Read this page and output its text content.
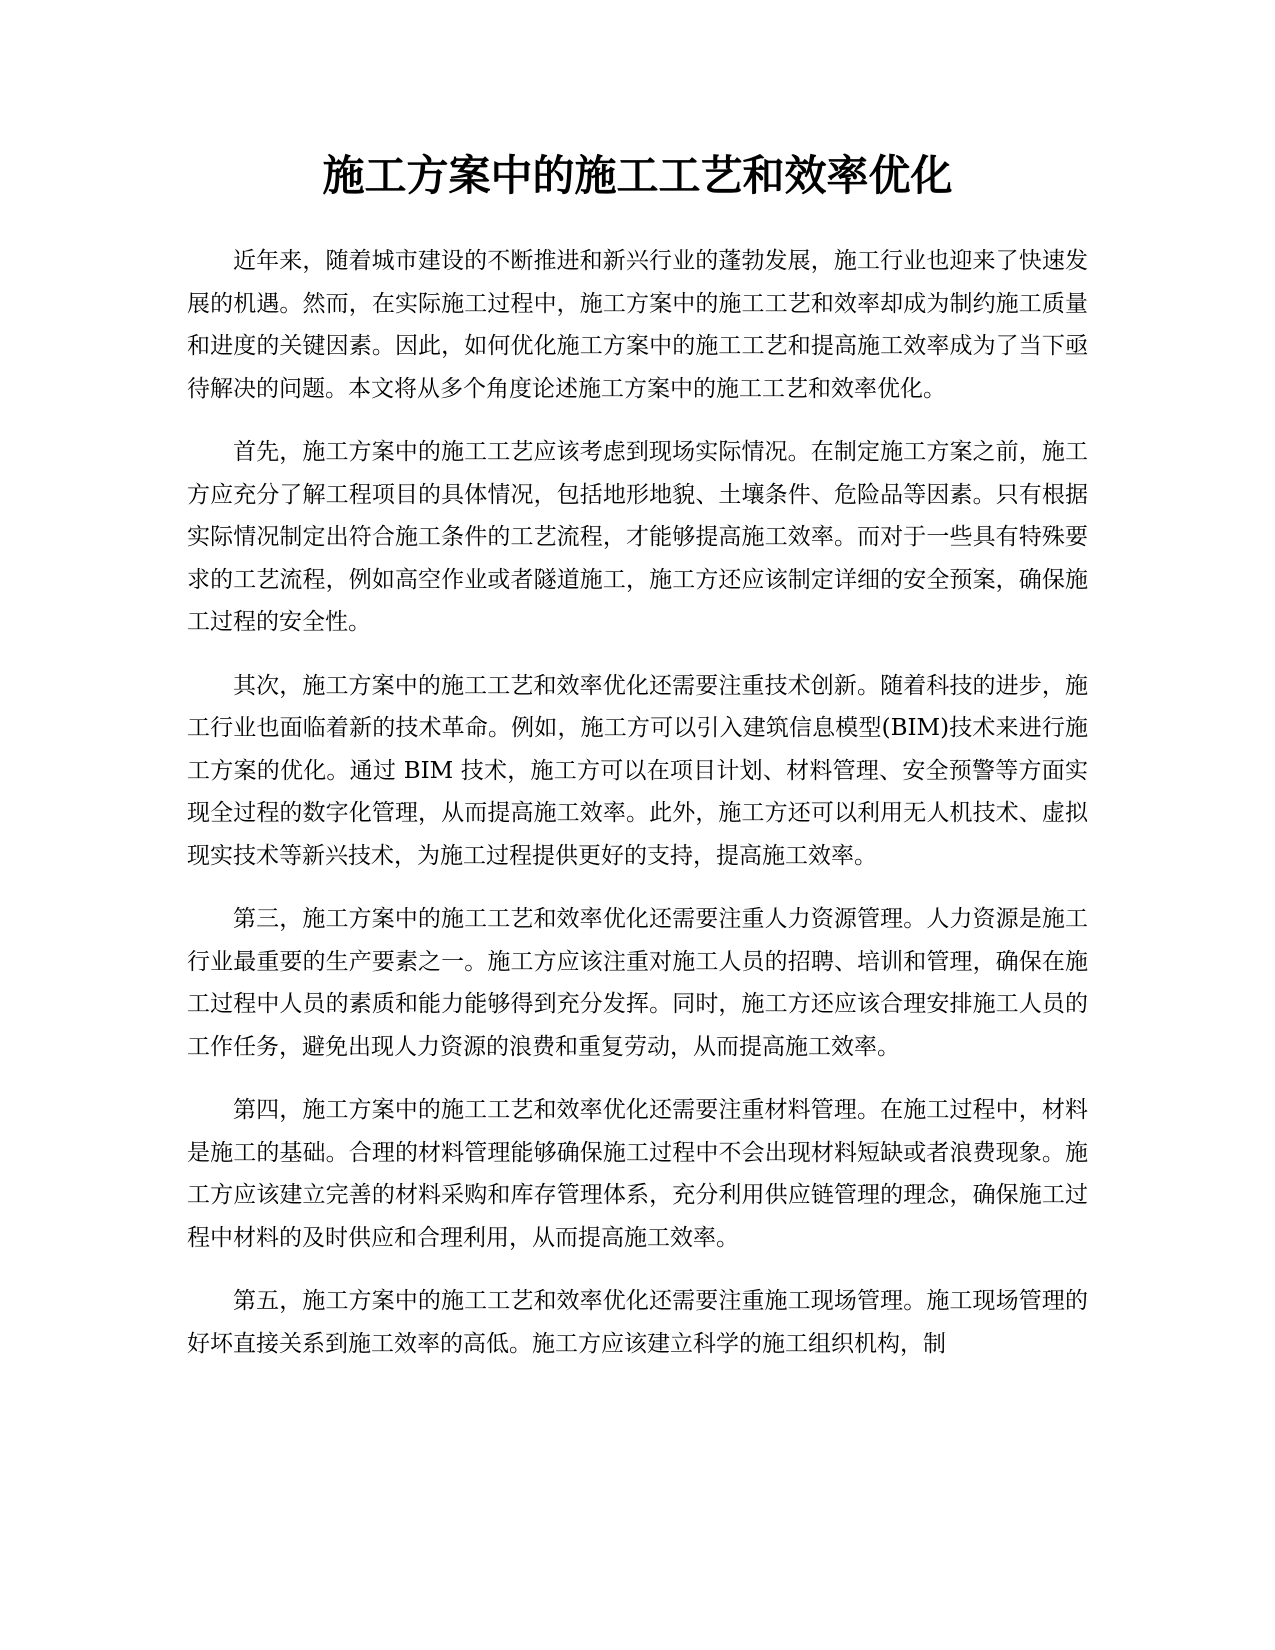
施工方案中的施工工艺和效率优化

近年来，随着城市建设的不断推进和新兴行业的蓬勃发展，施工行业也迎来了快速发展的机遇。然而，在实际施工过程中，施工方案中的施工工艺和效率却成为制约施工质量和进度的关键因素。因此，如何优化施工方案中的施工工艺和提高施工效率成为了当下亟待解决的问题。本文将从多个角度论述施工方案中的施工工艺和效率优化。

首先，施工方案中的施工工艺应该考虑到现场实际情况。在制定施工方案之前，施工方应充分了解工程项目的具体情况，包括地形地貌、土壤条件、危险品等因素。只有根据实际情况制定出符合施工条件的工艺流程，才能够提高施工效率。而对于一些具有特殊要求的工艺流程，例如高空作业或者隧道施工，施工方还应该制定详细的安全预案，确保施工过程的安全性。

其次，施工方案中的施工工艺和效率优化还需要注重技术创新。随着科技的进步，施工行业也面临着新的技术革命。例如，施工方可以引入建筑信息模型(BIM)技术来进行施工方案的优化。通过 BIM 技术，施工方可以在项目计划、材料管理、安全预警等方面实现全过程的数字化管理，从而提高施工效率。此外，施工方还可以利用无人机技术、虚拟现实技术等新兴技术，为施工过程提供更好的支持，提高施工效率。

第三，施工方案中的施工工艺和效率优化还需要注重人力资源管理。人力资源是施工行业最重要的生产要素之一。施工方应该注重对施工人员的招聘、培训和管理，确保在施工过程中人员的素质和能力能够得到充分发挥。同时，施工方还应该合理安排施工人员的工作任务，避免出现人力资源的浪费和重复劳动，从而提高施工效率。

第四，施工方案中的施工工艺和效率优化还需要注重材料管理。在施工过程中，材料是施工的基础。合理的材料管理能够确保施工过程中不会出现材料短缺或者浪费现象。施工方应该建立完善的材料采购和库存管理体系，充分利用供应链管理的理念，确保施工过程中材料的及时供应和合理利用，从而提高施工效率。

第五，施工方案中的施工工艺和效率优化还需要注重施工现场管理。施工现场管理的好坏直接关系到施工效率的高低。施工方应该建立科学的施工组织机构，制
